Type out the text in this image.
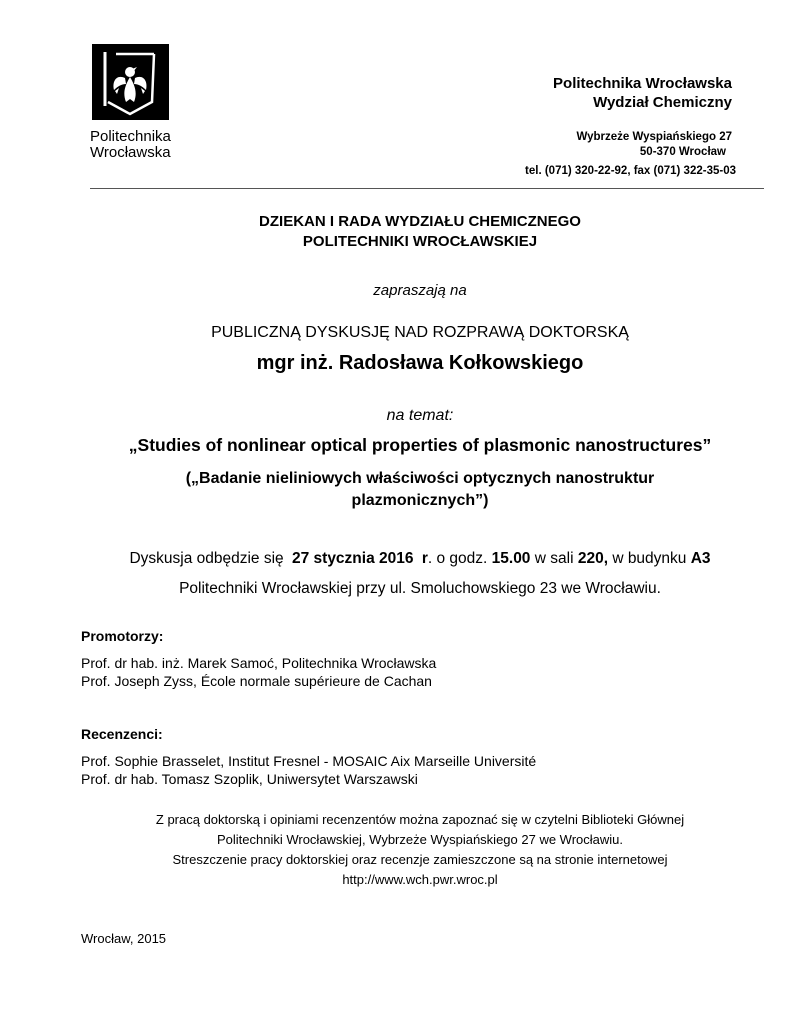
Politechnika
Wrocławska
Politechnika Wrocławska
Wydział Chemiczny
Wybrzeże Wyspiańskiego 27
50-370 Wrocław
tel. (071) 320-22-92, fax (071) 322-35-03
DZIEKAN I RADA WYDZIAŁU CHEMICZNEGO
POLITECHNIKI WROCŁAWSKIEJ
zapraszają na
PUBLICZNĄ DYSKUSJĘ NAD ROZPRAWĄ DOKTORSKĄ
mgr inż. Radosława Kołkowskiego
na temat:
„Studies of nonlinear optical properties of plasmonic nanostructures”
(„Badanie nieliniowych właściwości optycznych nanostruktur
plazmonicznych”)
Dyskusja odbędzie się 27 stycznia 2016 r. o godz. 15.00 w sali 220, w budynku A3
Politechniki Wrocławskiej przy ul. Smoluchowskiego 23 we Wrocławiu.
Promotorzy:
Prof. dr hab. inż. Marek Samoć, Politechnika Wrocławska
Prof. Joseph Zyss, École normale supérieure de Cachan
Recenzenci:
Prof. Sophie Brasselet, Institut Fresnel - MOSAIC Aix Marseille Université
Prof. dr hab. Tomasz Szoplik, Uniwersytet Warszawski
Z pracą doktorską i opiniami recenzentów można zapoznać się w czytelni Biblioteki Głównej
Politechniki Wrocławskiej, Wybrzeże Wyspiańskiego 27 we Wrocławiu.
Streszczenie pracy doktorskiej oraz recenzje zamieszczone są na stronie internetowej
http://www.wch.pwr.wroc.pl
Wrocław, 2015
